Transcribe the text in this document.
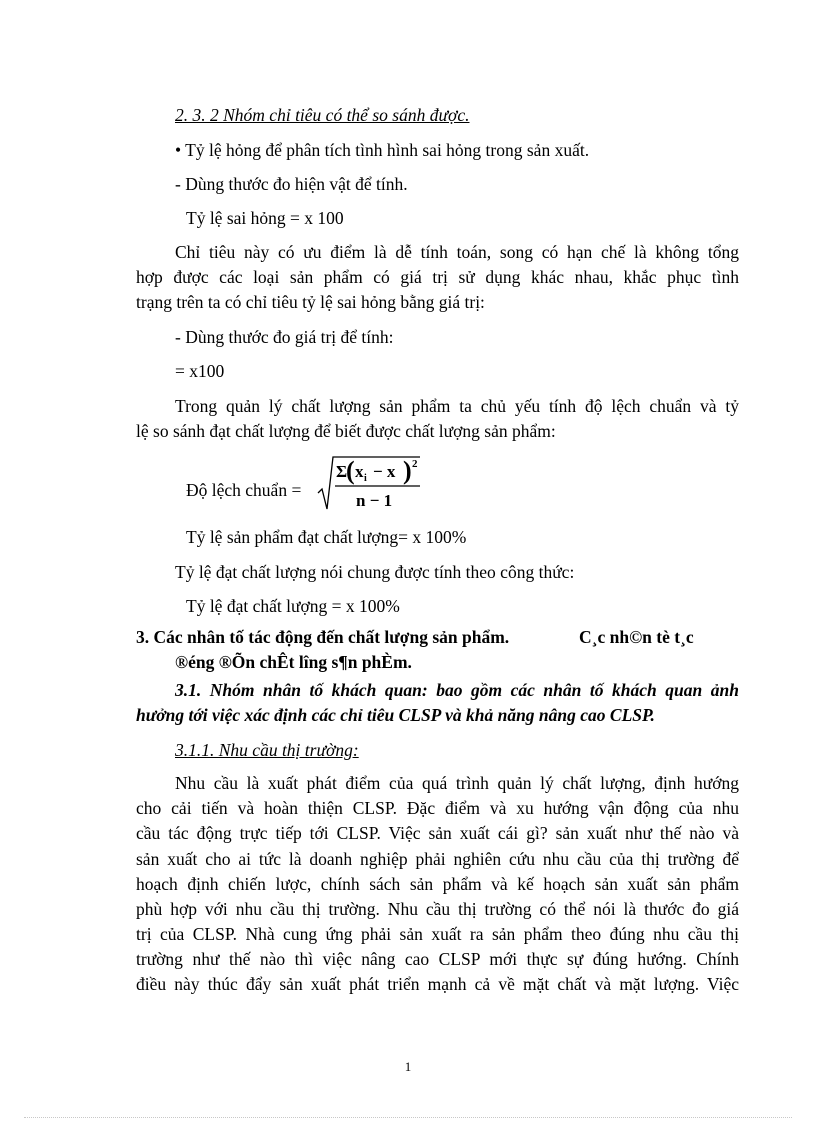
2. 3. 2 Nhóm chỉ tiêu có thể so sánh được.
• Tỷ lệ hỏng để phân tích tình hình sai hỏng trong sản xuất.
- Dùng thước đo hiện vật để tính.
Tỷ lệ sai hỏng = x 100
Chỉ tiêu này có ưu điểm là dễ tính toán, song có hạn chế là không tổng
hợp được các loại sản phẩm có giá trị sử dụng khác nhau, khắc phục tình
trạng trên ta có chỉ tiêu tỷ lệ sai hỏng bằng giá trị:
- Dùng thước đo giá trị để tính:
= x100
Trong quản lý chất lượng sản phẩm ta chủ yếu tính độ lệch chuẩn và tỷ
lệ so sánh đạt chất lượng để biết được chất lượng sản phẩm:
Độ lệch chuẩn =
Σ
( x i − x ) 2
n − 1
Tỷ lệ sản phẩm đạt chất lượng= x 100%
Tỷ lệ đạt chất lượng nói chung được tính theo công thức:
Tỷ lệ đạt chất lượng = x 100%
3. Các nhân tố tác động đến chất lượng sản phẩm.	C¸c nh©n tè t¸c
®éng ®Õn chÊt lîng s¶n phÈm.
3.1. Nhóm nhân tố khách quan: bao gồm các nhân tố khách quan ảnh
hưởng tới việc xác định các chỉ tiêu CLSP và khả năng nâng cao CLSP.
3.1.1. Nhu cầu thị trường:
Nhu cầu là xuất phát điểm của quá trình quản lý chất lượng, định hướng
cho cải tiến và hoàn thiện CLSP. Đặc điểm và xu hướng vận động của nhu
cầu tác động trực tiếp tới CLSP. Việc sản xuất cái gì? sản xuất như thế nào và
sản xuất cho ai tức là doanh nghiệp phải nghiên cứu nhu cầu của thị trường để
hoạch định chiến lược, chính sách sản phẩm và kế hoạch sản xuất sản phẩm
phù hợp với nhu cầu thị trường. Nhu cầu thị trường có thể nói là thước đo giá
trị của CLSP. Nhà cung ứng phải sản xuất ra sản phẩm theo đúng nhu cầu thị
trường như thế nào thì việc nâng cao CLSP mới thực sự đúng hướng. Chính
điều này thúc đẩy sản xuất phát triển mạnh cả về mặt chất và mặt lượng. Việc
1
